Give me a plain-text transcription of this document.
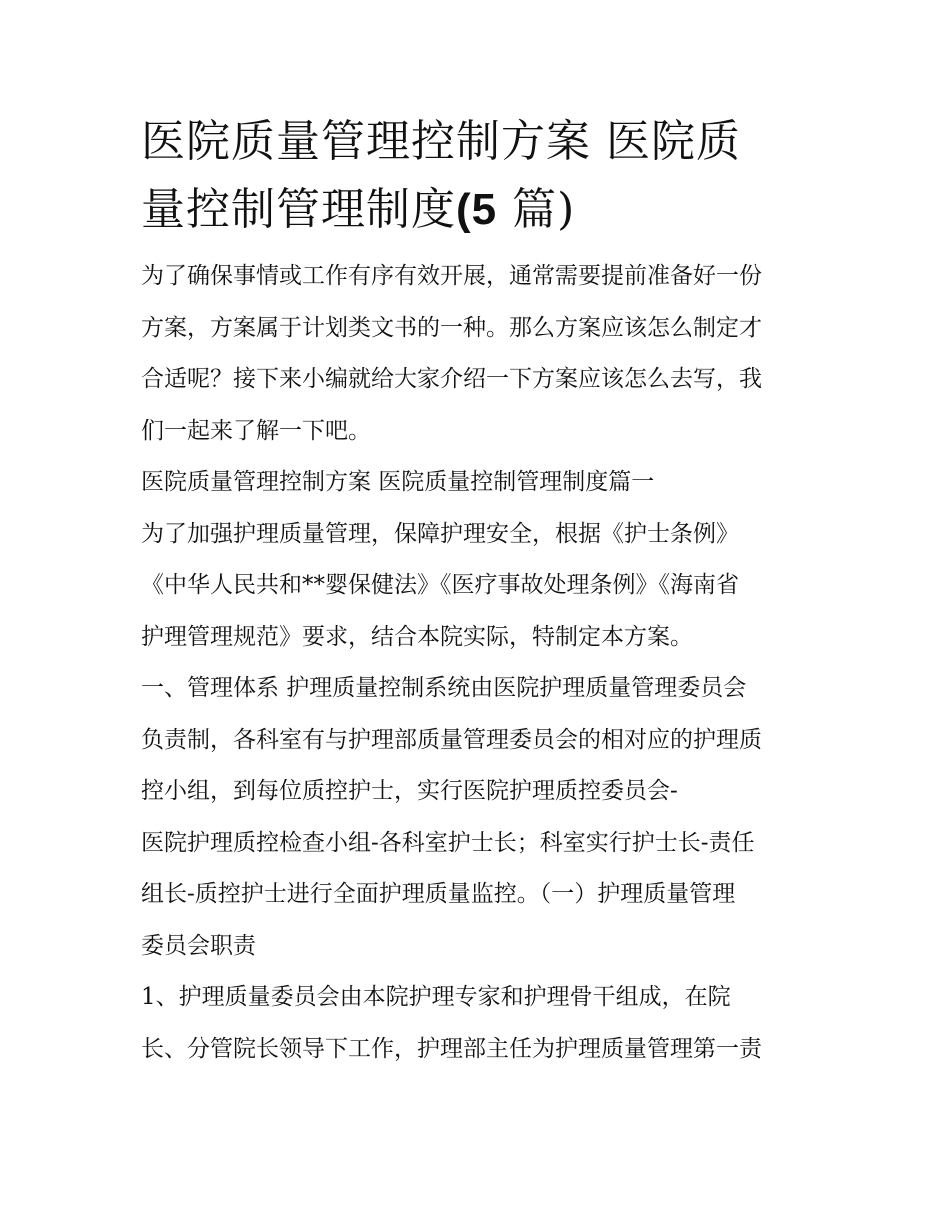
医院质量管理控制方案 医院质
量控制管理制度(5 篇)
为了确保事情或工作有序有效开展，通常需要提前准备好一份
方案，方案属于计划类文书的一种。那么方案应该怎么制定才
合适呢？接下来小编就给大家介绍一下方案应该怎么去写，我
们一起来了解一下吧。
医院质量管理控制方案 医院质量控制管理制度篇一
为了加强护理质量管理，保障护理安全，根据《护士条例》
《中华人民共和**婴保健法》《医疗事故处理条例》《海南省
护理管理规范》要求，结合本院实际，特制定本方案。
一、管理体系 护理质量控制系统由医院护理质量管理委员会
负责制，各科室有与护理部质量管理委员会的相对应的护理质
控小组，到每位质控护士，实行医院护理质控委员会-
医院护理质控检查小组-各科室护士长；科室实行护士长-责任
组长-质控护士进行全面护理质量监控。（一）护理质量管理
委员会职责
1、护理质量委员会由本院护理专家和护理骨干组成，在院
长、分管院长领导下工作，护理部主任为护理质量管理第一责
